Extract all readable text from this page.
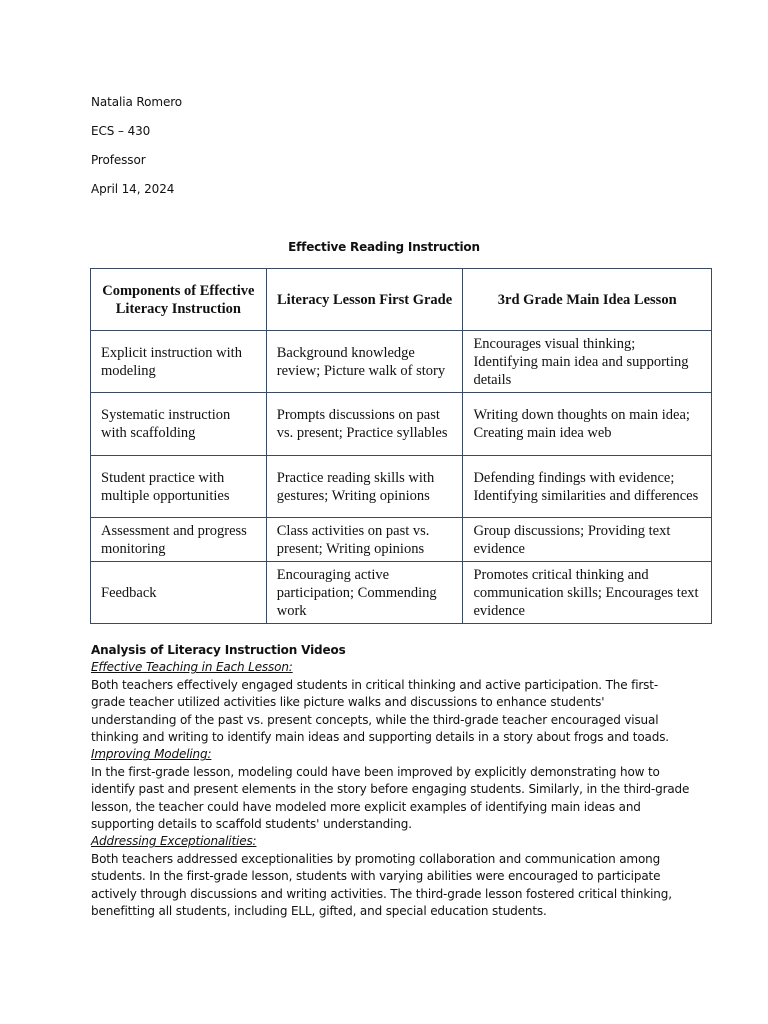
Natalia Romero
ECS – 430
Professor
April 14, 2024
Effective Reading Instruction
Components of Effective Literacy Instruction	Literacy Lesson First Grade	3rd Grade Main Idea Lesson
Explicit instruction with modeling	Background knowledge review; Picture walk of story	Encourages visual thinking; Identifying main idea and supporting details
Systematic instruction with scaffolding	Prompts discussions on past vs. present; Practice syllables	Writing down thoughts on main idea; Creating main idea web
Student practice with multiple opportunities	Practice reading skills with gestures; Writing opinions	Defending findings with evidence; Identifying similarities and differences
Assessment and progress monitoring	Class activities on past vs. present; Writing opinions	Group discussions; Providing text evidence
Feedback	Encouraging active participation; Commending work	Promotes critical thinking and communication skills; Encourages text evidence

Analysis of Literacy Instruction Videos

Effective Teaching in Each Lesson:

Both teachers effectively engaged students in critical thinking and active participation. The first-grade teacher utilized activities like picture walks and discussions to enhance students' understanding of the past vs. present concepts, while the third-grade teacher encouraged visual thinking and writing to identify main ideas and supporting details in a story about frogs and toads.

Improving Modeling:

In the first-grade lesson, modeling could have been improved by explicitly demonstrating how to identify past and present elements in the story before engaging students. Similarly, in the third-grade lesson, the teacher could have modeled more explicit examples of identifying main ideas and supporting details to scaffold students' understanding.

Addressing Exceptionalities:

Both teachers addressed exceptionalities by promoting collaboration and communication among students. In the first-grade lesson, students with varying abilities were encouraged to participate actively through discussions and writing activities. The third-grade lesson fostered critical thinking, benefitting all students, including ELL, gifted, and special education students.
